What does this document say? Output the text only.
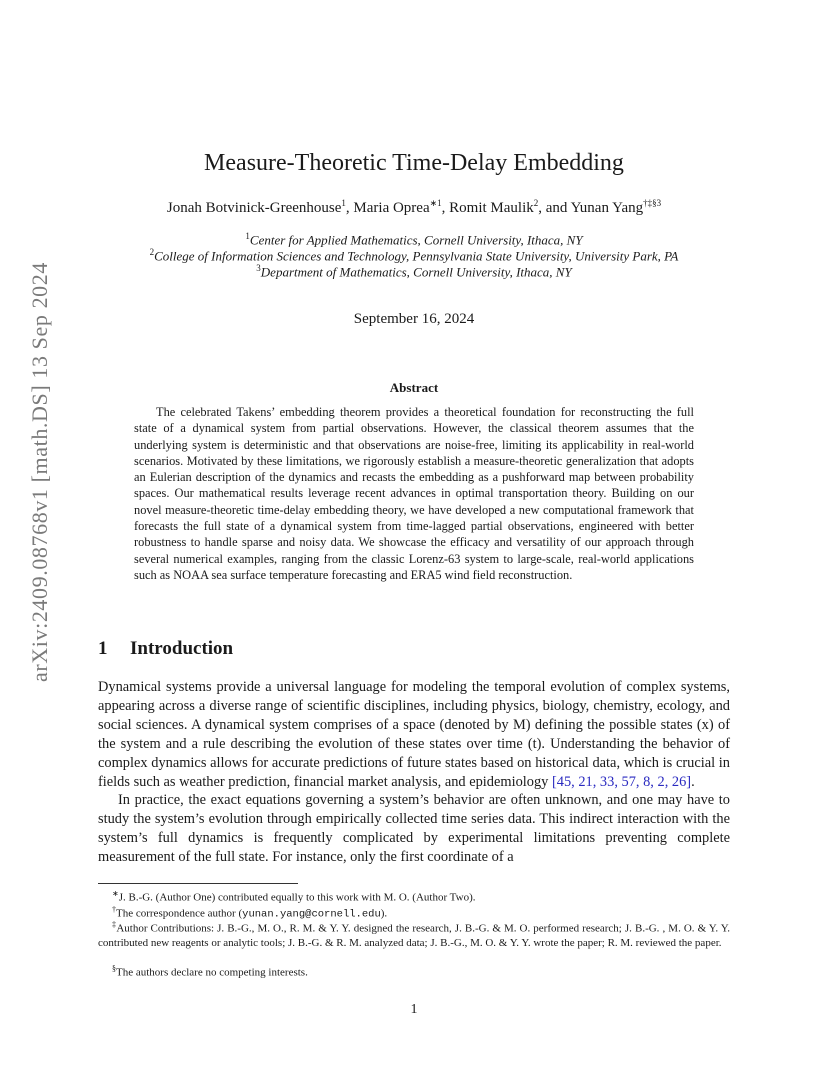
arXiv:2409.08768v1 [math.DS] 13 Sep 2024
Measure-Theoretic Time-Delay Embedding
Jonah Botvinick-Greenhouse$^1$, Maria Oprea$^{∗1}$, Romit Maulik$^2$, and Yunan Yang$^{\dagger\ddagger\S 3}$
$^1$Center for Applied Mathematics, Cornell University, Ithaca, NY
$^2$College of Information Sciences and Technology, Pennsylvania State University, University Park, PA
$^3$Department of Mathematics, Cornell University, Ithaca, NY
September 16, 2024
Abstract

The celebrated Takens’ embedding theorem provides a theoretical foundation for reconstructing the full state of a dynamical system from partial observations. However, the classical theorem assumes that the underlying system is deterministic and that observations are noise-free, limiting its applicability in real-world scenarios. Motivated by these limitations, we rigorously establish a measure-theoretic generalization that adopts an Eulerian description of the dynamics and recasts the embedding as a pushforward map between probability spaces. Our mathematical results leverage recent advances in optimal transportation theory. Building on our novel measure-theoretic time-delay embedding theory, we have developed a new computational framework that forecasts the full state of a dynamical system from time-lagged partial observations, engineered with better robustness to handle sparse and noisy data. We showcase the efficacy and versatility of our approach through several numerical examples, ranging from the classic Lorenz-63 system to large-scale, real-world applications such as NOAA sea surface temperature forecasting and ERA5 wind field reconstruction.

1 Introduction

Dynamical systems provide a universal language for modeling the temporal evolution of complex systems, appearing across a diverse range of scientific disciplines, including physics, biology, chemistry, ecology, and social sciences. A dynamical system comprises of a space (denoted by M) defining the possible states (x) of the system and a rule describing the evolution of these states over time (t). Understanding the behavior of complex dynamics allows for accurate predictions of future states based on historical data, which is crucial in fields such as weather prediction, financial market analysis, and epidemiology [45, 21, 33, 57, 8, 2, 26].

In practice, the exact equations governing a system’s behavior are often unknown, and one may have to study the system’s evolution through empirically collected time series data. This indirect interaction with the system’s full dynamics is frequently complicated by experimental limitations preventing complete measurement of the full state. For instance, only the first coordinate of a

∗J. B.-G. (Author One) contributed equally to this work with M. O. (Author Two).

†The correspondence author (yunan.yang@cornell.edu).

‡Author Contributions: J. B.-G., M. O., R. M. & Y. Y. designed the research, J. B.-G. & M. O. performed research; J. B.-G. , M. O. & Y. Y. contributed new reagents or analytic tools; J. B.-G. & R. M. analyzed data; J. B.-G., M. O. & Y. Y. wrote the paper; R. M. reviewed the paper.

§The authors declare no competing interests.

1
